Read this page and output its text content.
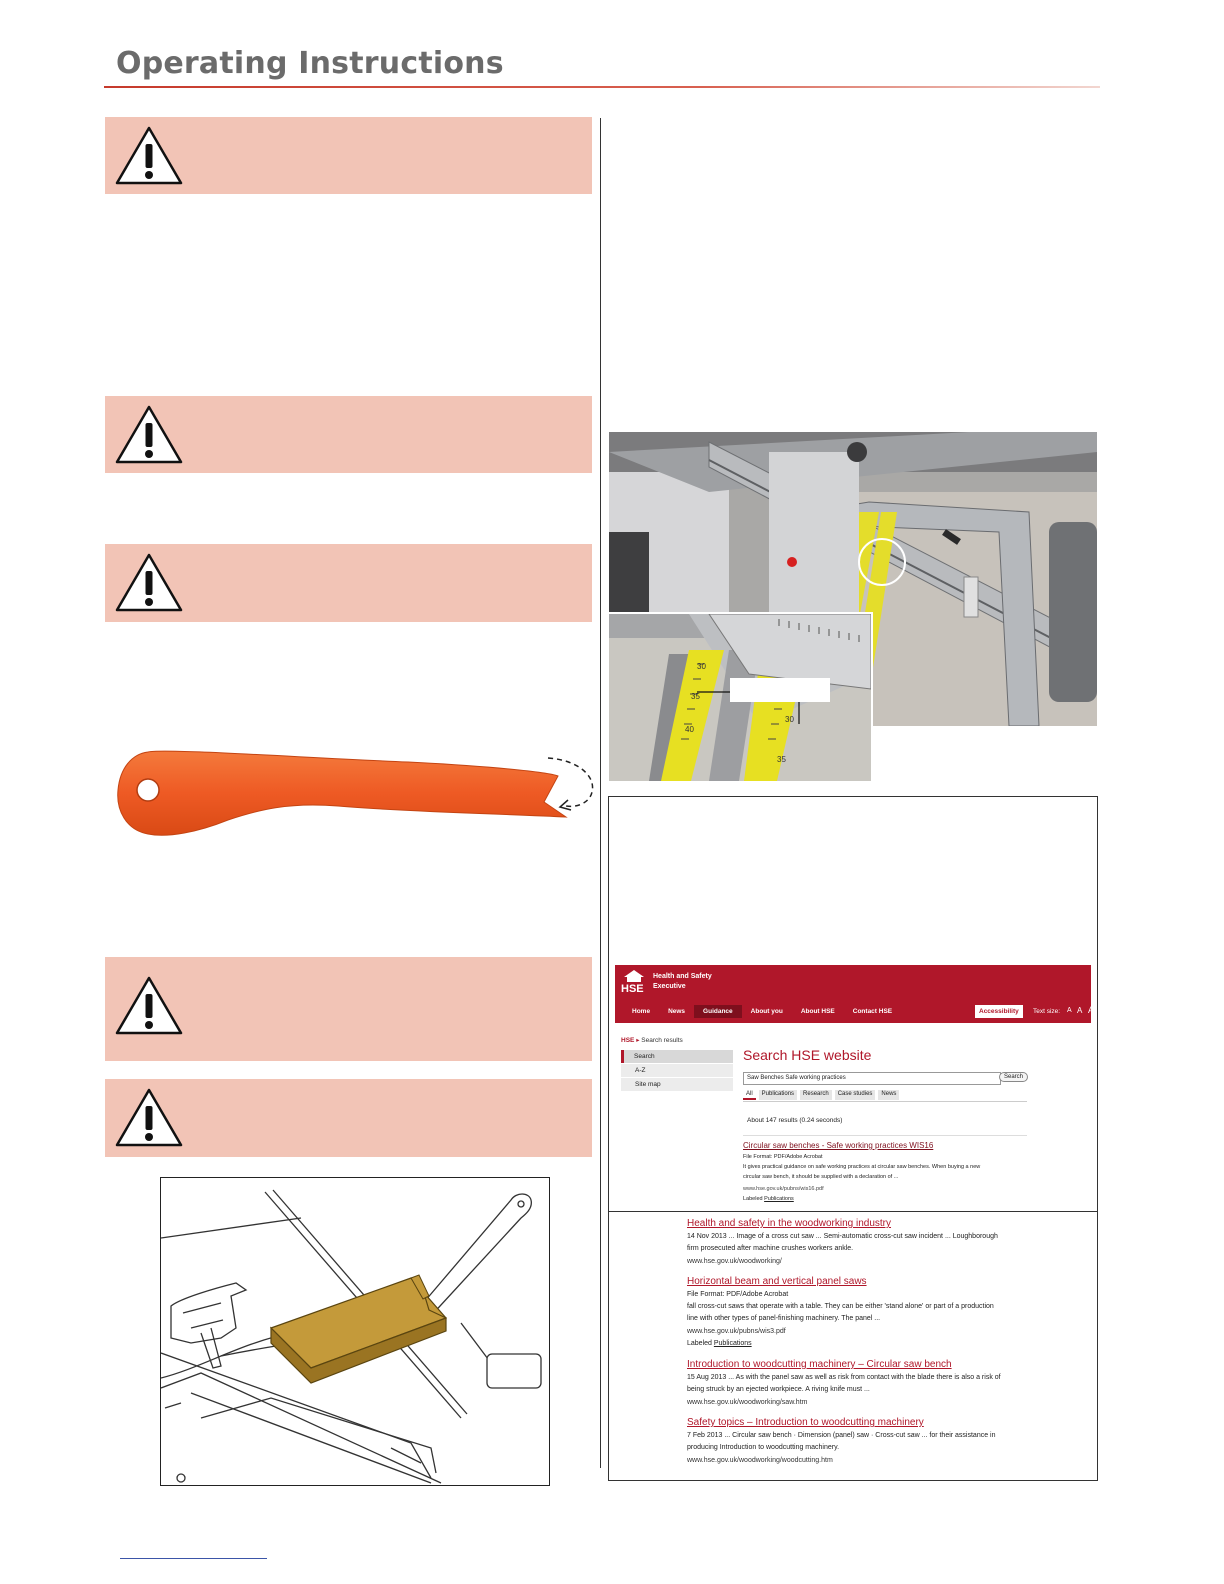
Operating Instructions
30
35
40
30
35
HSE
Health and Safety
Executive
Home	News	Guidance	About you	About HSE	Contact HSE	Accessibility	Text size: A A A
HSE ▸ Search results
Search
A-Z
Site map
Search HSE website
Saw Benches Safe working practices	Search
All	Publications	Research	Case studies	News
About 147 results (0.24 seconds)
Circular saw benches - Safe working practices WIS16
File Format: PDF/Adobe Acrobat
It gives practical guidance on safe working practices at circular saw benches. When buying a new
circular saw bench, it should be supplied with a declaration of ...
www.hse.gov.uk/pubns/wis16.pdf
Labeled Publications
Health and safety in the woodworking industry
14 Nov 2013 ... Image of a cross cut saw ... Semi-automatic cross-cut saw incident ... Loughborough
firm prosecuted after machine crushes workers ankle.
www.hse.gov.uk/woodworking/
Horizontal beam and vertical panel saws
File Format: PDF/Adobe Acrobat
fall cross-cut saws that operate with a table. They can be either 'stand alone' or part of a production
line with other types of panel-finishing machinery. The panel ...
www.hse.gov.uk/pubns/wis3.pdf
Labeled Publications
Introduction to woodcutting machinery – Circular saw bench
15 Aug 2013 ... As with the panel saw as well as risk from contact with the blade there is also a risk of
being struck by an ejected workpiece. A riving knife must ...
www.hse.gov.uk/woodworking/saw.htm
Safety topics – Introduction to woodcutting machinery
7 Feb 2013 ... Circular saw bench · Dimension (panel) saw · Cross-cut saw ... for their assistance in
producing Introduction to woodcutting machinery.
www.hse.gov.uk/woodworking/woodcutting.htm
